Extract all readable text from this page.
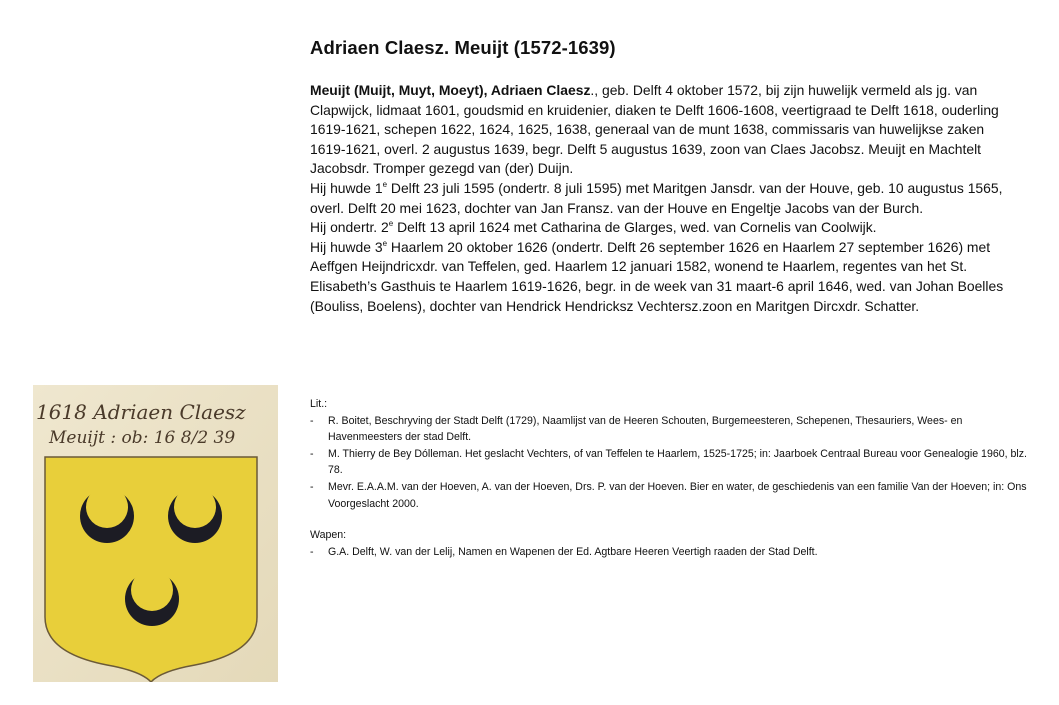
Adriaen Claesz. Meuijt (1572-1639)

Meuijt (Muijt, Muyt, Moeyt), Adriaen Claesz., geb. Delft 4 oktober 1572, bij zijn huwelijk vermeld als jg. van Clapwijck, lidmaat 1601, goudsmid en kruidenier, diaken te Delft 1606-1608, veertigraad te Delft 1618, ouderling 1619-1621, schepen 1622, 1624, 1625, 1638, generaal van de munt 1638, commissaris van huwelijkse zaken 1619-1621, overl. 2 augustus 1639, begr. Delft 5 augustus 1639, zoon van Claes Jacobsz. Meuijt en Machtelt Jacobsdr. Tromper gezegd van (der) Duijn.

Hij huwde 1e Delft 23 juli 1595 (ondertr. 8 juli 1595) met Maritgen Jansdr. van der Houve, geb. 10 augustus 1565, overl. Delft 20 mei 1623, dochter van Jan Fransz. van der Houve en Engeltje Jacobs van der Burch.

Hij ondertr. 2e Delft 13 april 1624 met Catharina de Glarges, wed. van Cornelis van Coolwijk.

Hij huwde 3e Haarlem 20 oktober 1626 (ondertr. Delft 26 september 1626 en Haarlem 27 september 1626) met Aeffgen Heijndricxdr. van Teffelen, ged. Haarlem 12 januari 1582, wonend te Haarlem, regentes van het St. Elisabeth’s Gasthuis te Haarlem 1619-1626, begr. in de week van 31 maart-6 april 1646, wed. van Johan Boelles (Bouliss, Boelens), dochter van Hendrick Hendricksz Vechtersz.zoon en Maritgen Dircxdr. Schatter.

1618 Adriaen Claesz
Meuijt : ob: 16 8/2 39

Lit.:

- R. Boitet, Beschryving der Stadt Delft (1729), Naamlijst van de Heeren Schouten, Burgemeesteren, Schepenen, Thesauriers, Wees- en Havenmeesters der stad Delft.
- M. Thierry de Bey Dólleman. Het geslacht Vechters, of van Teffelen te Haarlem, 1525-1725; in: Jaarboek Centraal Bureau voor Genealogie 1960, blz. 78.
- Mevr. E.A.A.M. van der Hoeven, A. van der Hoeven, Drs. P. van der Hoeven. Bier en water, de geschiedenis van een familie Van der Hoeven; in: Ons Voorgeslacht 2000.

Wapen:

- G.A. Delft, W. van der Lelij, Namen en Wapenen der Ed. Agtbare Heeren Veertigh raaden der Stad Delft.
